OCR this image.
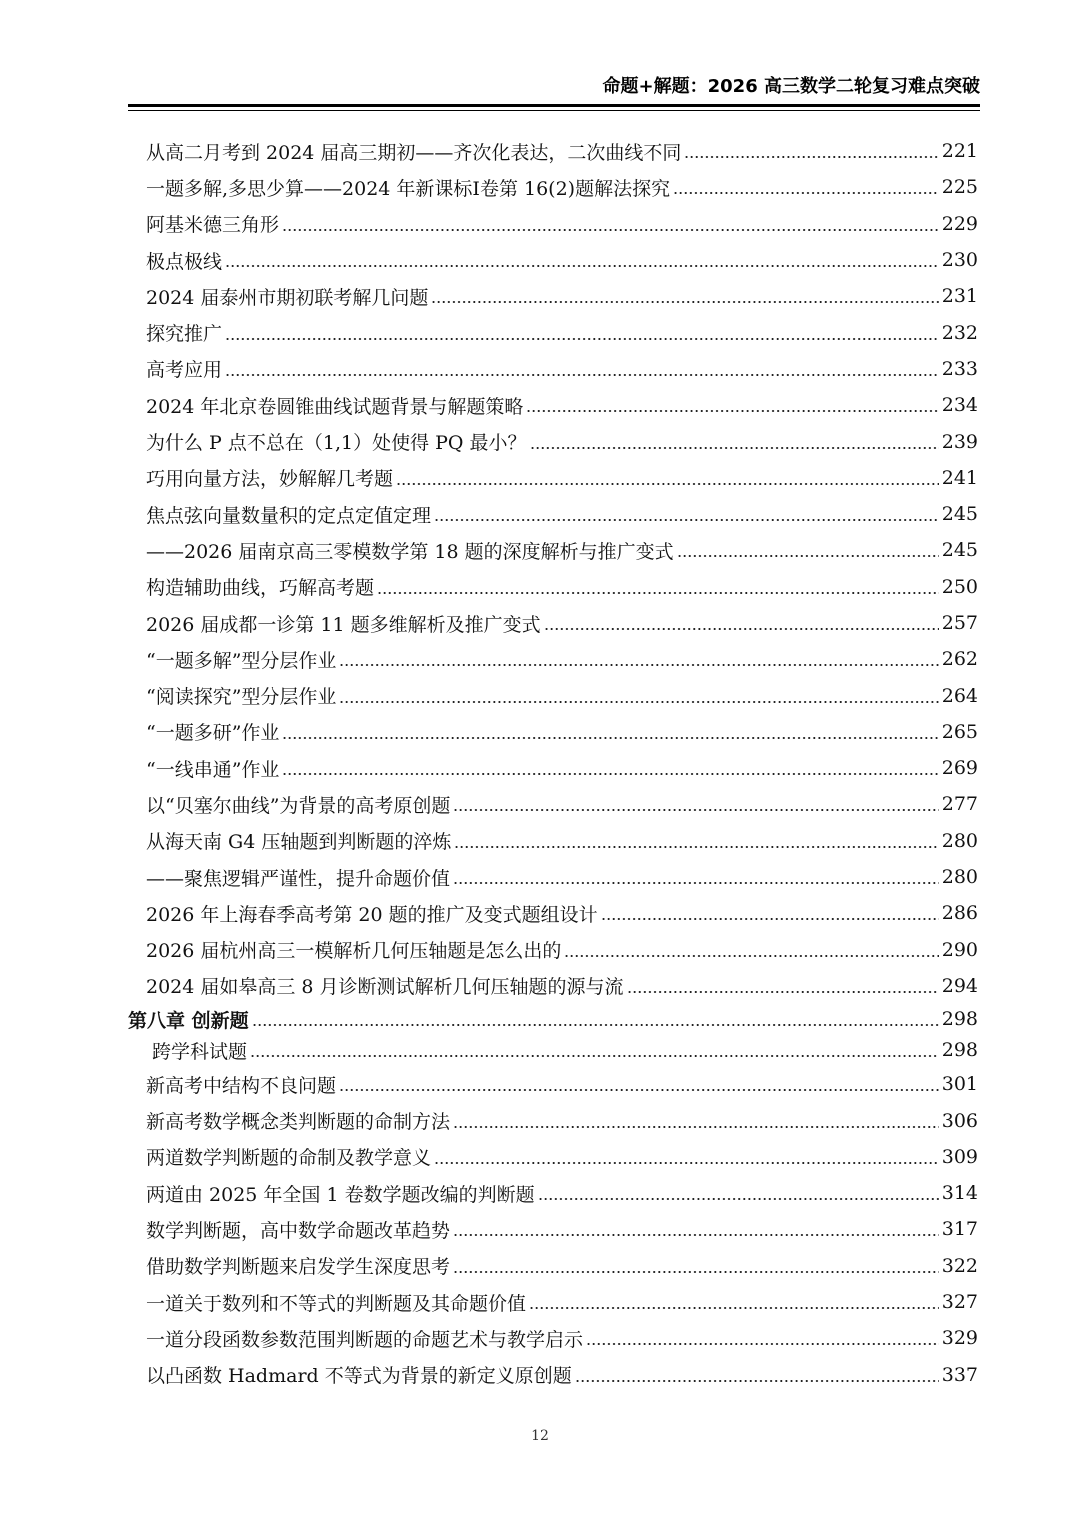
命题+解题：2026 高三数学二轮复习难点突破
从高二月考到 2024 届高三期初——齐次化表达，二次曲线不同	221
一题多解,多思少算——2024 年新课标I卷第 16(2)题解法探究	225
阿基米德三角形	229
极点极线	230
2024 届泰州市期初联考解几问题	231
探究推广	232
高考应用	233
2024 年北京卷圆锥曲线试题背景与解题策略	234
为什么 P 点不总在（1,1）处使得 PQ 最小？	239
巧用向量方法，妙解解几考题	241
焦点弦向量数量积的定点定值定理	245
——2026 届南京高三零模数学第 18 题的深度解析与推广变式	245
构造辅助曲线，巧解高考题	250
2026 届成都一诊第 11 题多维解析及推广变式	257
“一题多解”型分层作业	262
“阅读探究”型分层作业	264
“一题多研”作业	265
“一线串通”作业	269
以“贝塞尔曲线”为背景的高考原创题	277
从海天南 G4 压轴题到判断题的淬炼	280
——聚焦逻辑严谨性，提升命题价值	280
2026 年上海春季高考第 20 题的推广及变式题组设计	286
2026 届杭州高三一模解析几何压轴题是怎么出的	290
2024 届如皋高三 8 月诊断测试解析几何压轴题的源与流	294
第八章 创新题	298
跨学科试题	298
新高考中结构不良问题	301
新高考数学概念类判断题的命制方法	306
两道数学判断题的命制及教学意义	309
两道由 2025 年全国 1 卷数学题改编的判断题	314
数学判断题，高中数学命题改革趋势	317
借助数学判断题来启发学生深度思考	322
一道关于数列和不等式的判断题及其命题价值	327
一道分段函数参数范围判断题的命题艺术与教学启示	329
以凸函数 Hadmard 不等式为背景的新定义原创题	337
12
